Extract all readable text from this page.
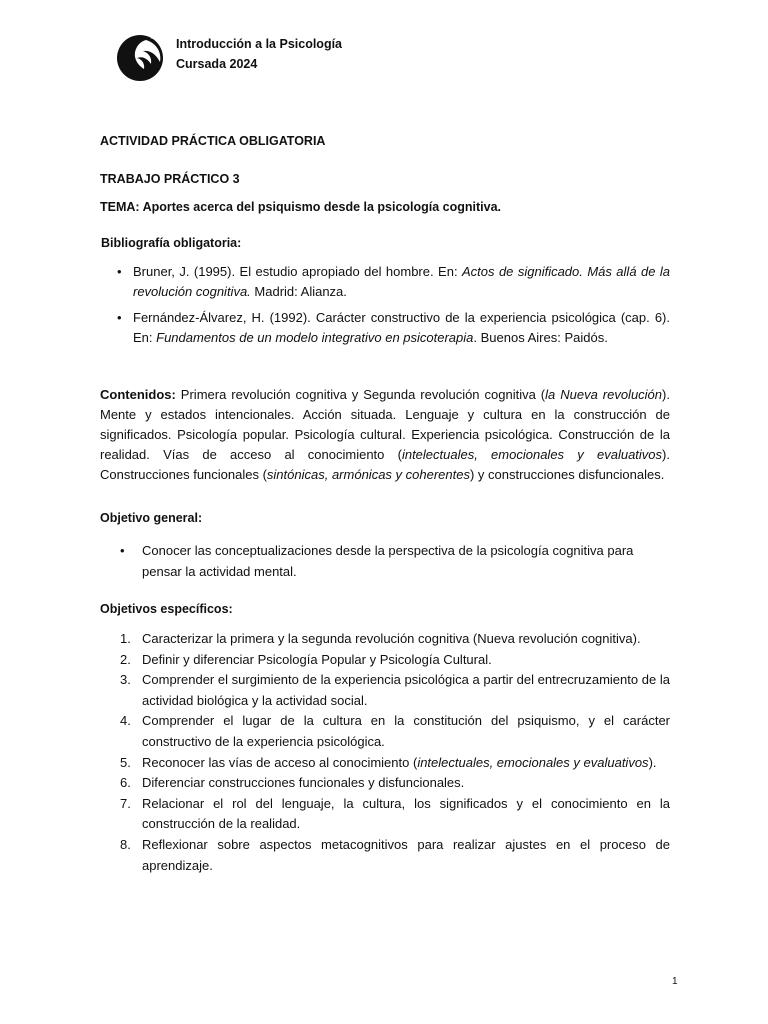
Introducción a la Psicología
Cursada 2024
ACTIVIDAD PRÁCTICA OBLIGATORIA
TRABAJO PRÁCTICO 3
TEMA: Aportes acerca del psiquismo desde la psicología cognitiva.
Bibliografía obligatoria:
• Bruner, J. (1995). El estudio apropiado del hombre. En: Actos de significado. Más allá de la revolución cognitiva. Madrid: Alianza.
• Fernández-Álvarez, H. (1992). Carácter constructivo de la experiencia psicológica (cap. 6). En: Fundamentos de un modelo integrativo en psicoterapia. Buenos Aires: Paidós.
Contenidos: Primera revolución cognitiva y Segunda revolución cognitiva (la Nueva revolución). Mente y estados intencionales. Acción situada. Lenguaje y cultura en la construcción de significados. Psicología popular. Psicología cultural. Experiencia psicológica. Construcción de la realidad. Vías de acceso al conocimiento (intelectuales, emocionales y evaluativos). Construcciones funcionales (sintónicas, armónicas y coherentes) y construcciones disfuncionales.
Objetivo general:
• Conocer las conceptualizaciones desde la perspectiva de la psicología cognitiva para pensar la actividad mental.
Objetivos específicos:
1. Caracterizar la primera y la segunda revolución cognitiva (Nueva revolución cognitiva).
2. Definir y diferenciar Psicología Popular y Psicología Cultural.
3. Comprender el surgimiento de la experiencia psicológica a partir del entrecruzamiento de la actividad biológica y la actividad social.
4. Comprender el lugar de la cultura en la constitución del psiquismo, y el carácter constructivo de la experiencia psicológica.
5. Reconocer las vías de acceso al conocimiento (intelectuales, emocionales y evaluativos).
6. Diferenciar construcciones funcionales y disfuncionales.
7. Relacionar el rol del lenguaje, la cultura, los significados y el conocimiento en la construcción de la realidad.
8. Reflexionar sobre aspectos metacognitivos para realizar ajustes en el proceso de aprendizaje.
1
